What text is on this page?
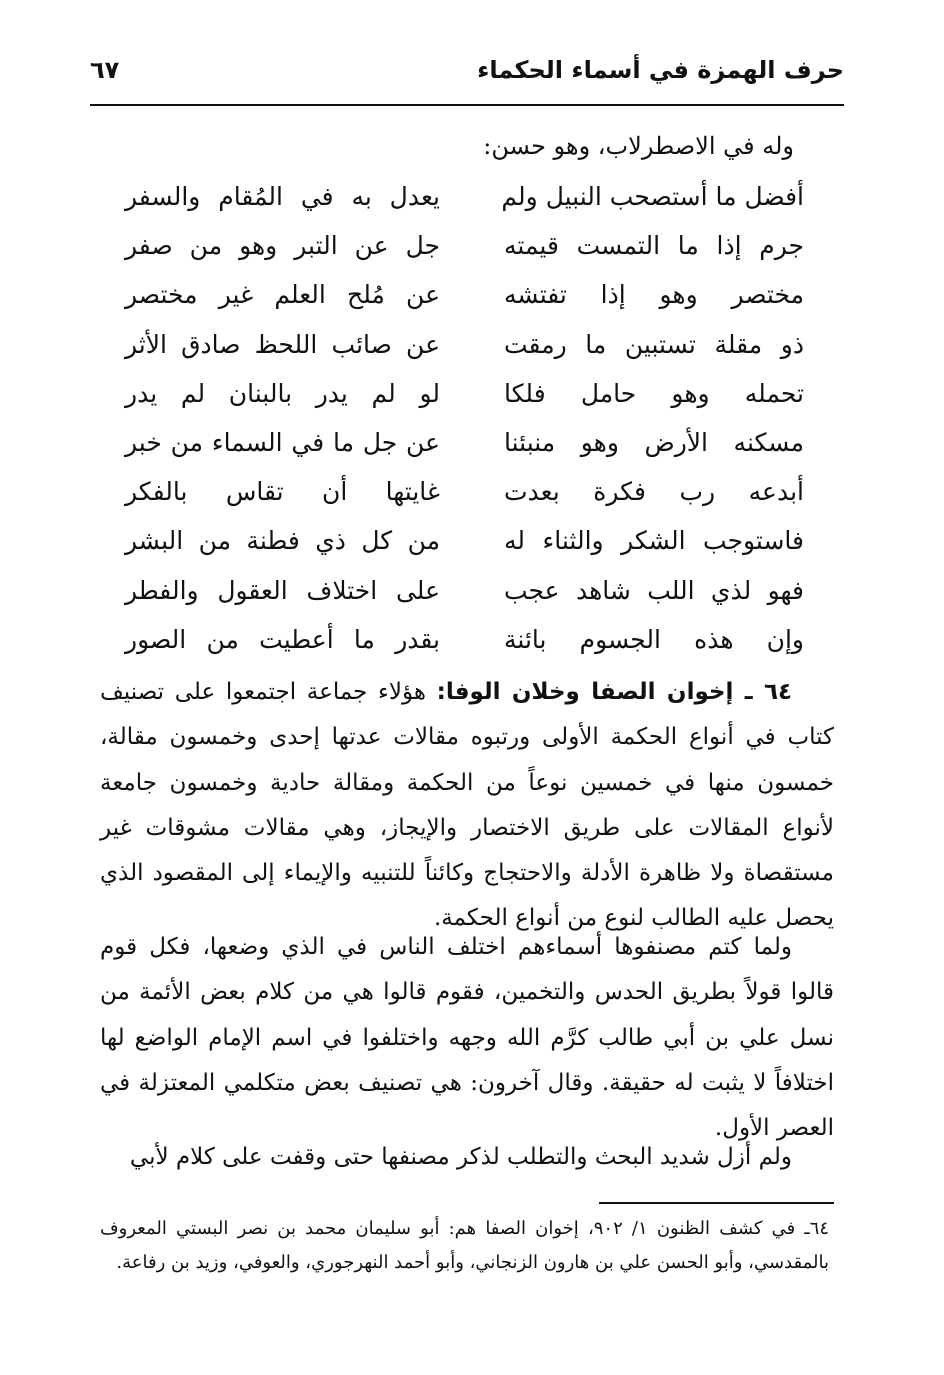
حرف الهمزة في أسماء الحكماء
٦٧
وله في الاصطرلاب، وهو حسن:
أفضل ما أستصحب النبيل ولم
يعدل به في المُقام والسفر
جرم إذا ما التمست قيمته
جل عن التبر وهو من صفر
مختصر وهو إذا تفتشه
عن مُلح العلم غير مختصر
ذو مقلة تستبين ما رمقت
عن صائب اللحظ صادق الأثر
تحمله وهو حامل فلكا
لو لم يدر بالبنان لم يدر
مسكنه الأرض وهو منبئنا
عن جل ما في السماء من خبر
أبدعه رب فكرة بعدت
غايتها أن تقاس بالفكر
فاستوجب الشكر والثناء له
من كل ذي فطنة من البشر
فهو لذي اللب شاهد عجب
على اختلاف العقول والفطر
وإن هذه الجسوم بائنة
بقدر ما أعطيت من الصور

٦٤ ـ إخوان الصفا وخلان الوفا: هؤلاء جماعة اجتمعوا على تصنيف كتاب في أنواع الحكمة الأولى ورتبوه مقالات عدتها إحدى وخمسون مقالة، خمسون منها في خمسين نوعاً من الحكمة ومقالة حادية وخمسون جامعة لأنواع المقالات على طريق الاختصار والإيجاز، وهي مقالات مشوقات غير مستقصاة ولا ظاهرة الأدلة والاحتجاج وكائناً للتنبيه والإيماء إلى المقصود الذي يحصل عليه الطالب لنوع من أنواع الحكمة.

ولما كتم مصنفوها أسماءهم اختلف الناس في الذي وضعها، فكل قوم قالوا قولاً بطريق الحدس والتخمين، فقوم قالوا هي من كلام بعض الأئمة من نسل علي بن أبي طالب كرَّم الله وجهه واختلفوا في اسم الإمام الواضع لها اختلافاً لا يثبت له حقيقة. وقال آخرون: هي تصنيف بعض متكلمي المعتزلة في العصر الأول.

ولم أزل شديد البحث والتطلب لذكر مصنفها حتى وقفت على كلام لأبي

٦٤ـ في كشف الظنون ١/ ٩٠٢، إخوان الصفا هم: أبو سليمان محمد بن نصر البستي المعروف بالمقدسي، وأبو الحسن علي بن هارون الزنجاني، وأبو أحمد النهرجوري، والعوفي، وزيد بن رفاعة.
